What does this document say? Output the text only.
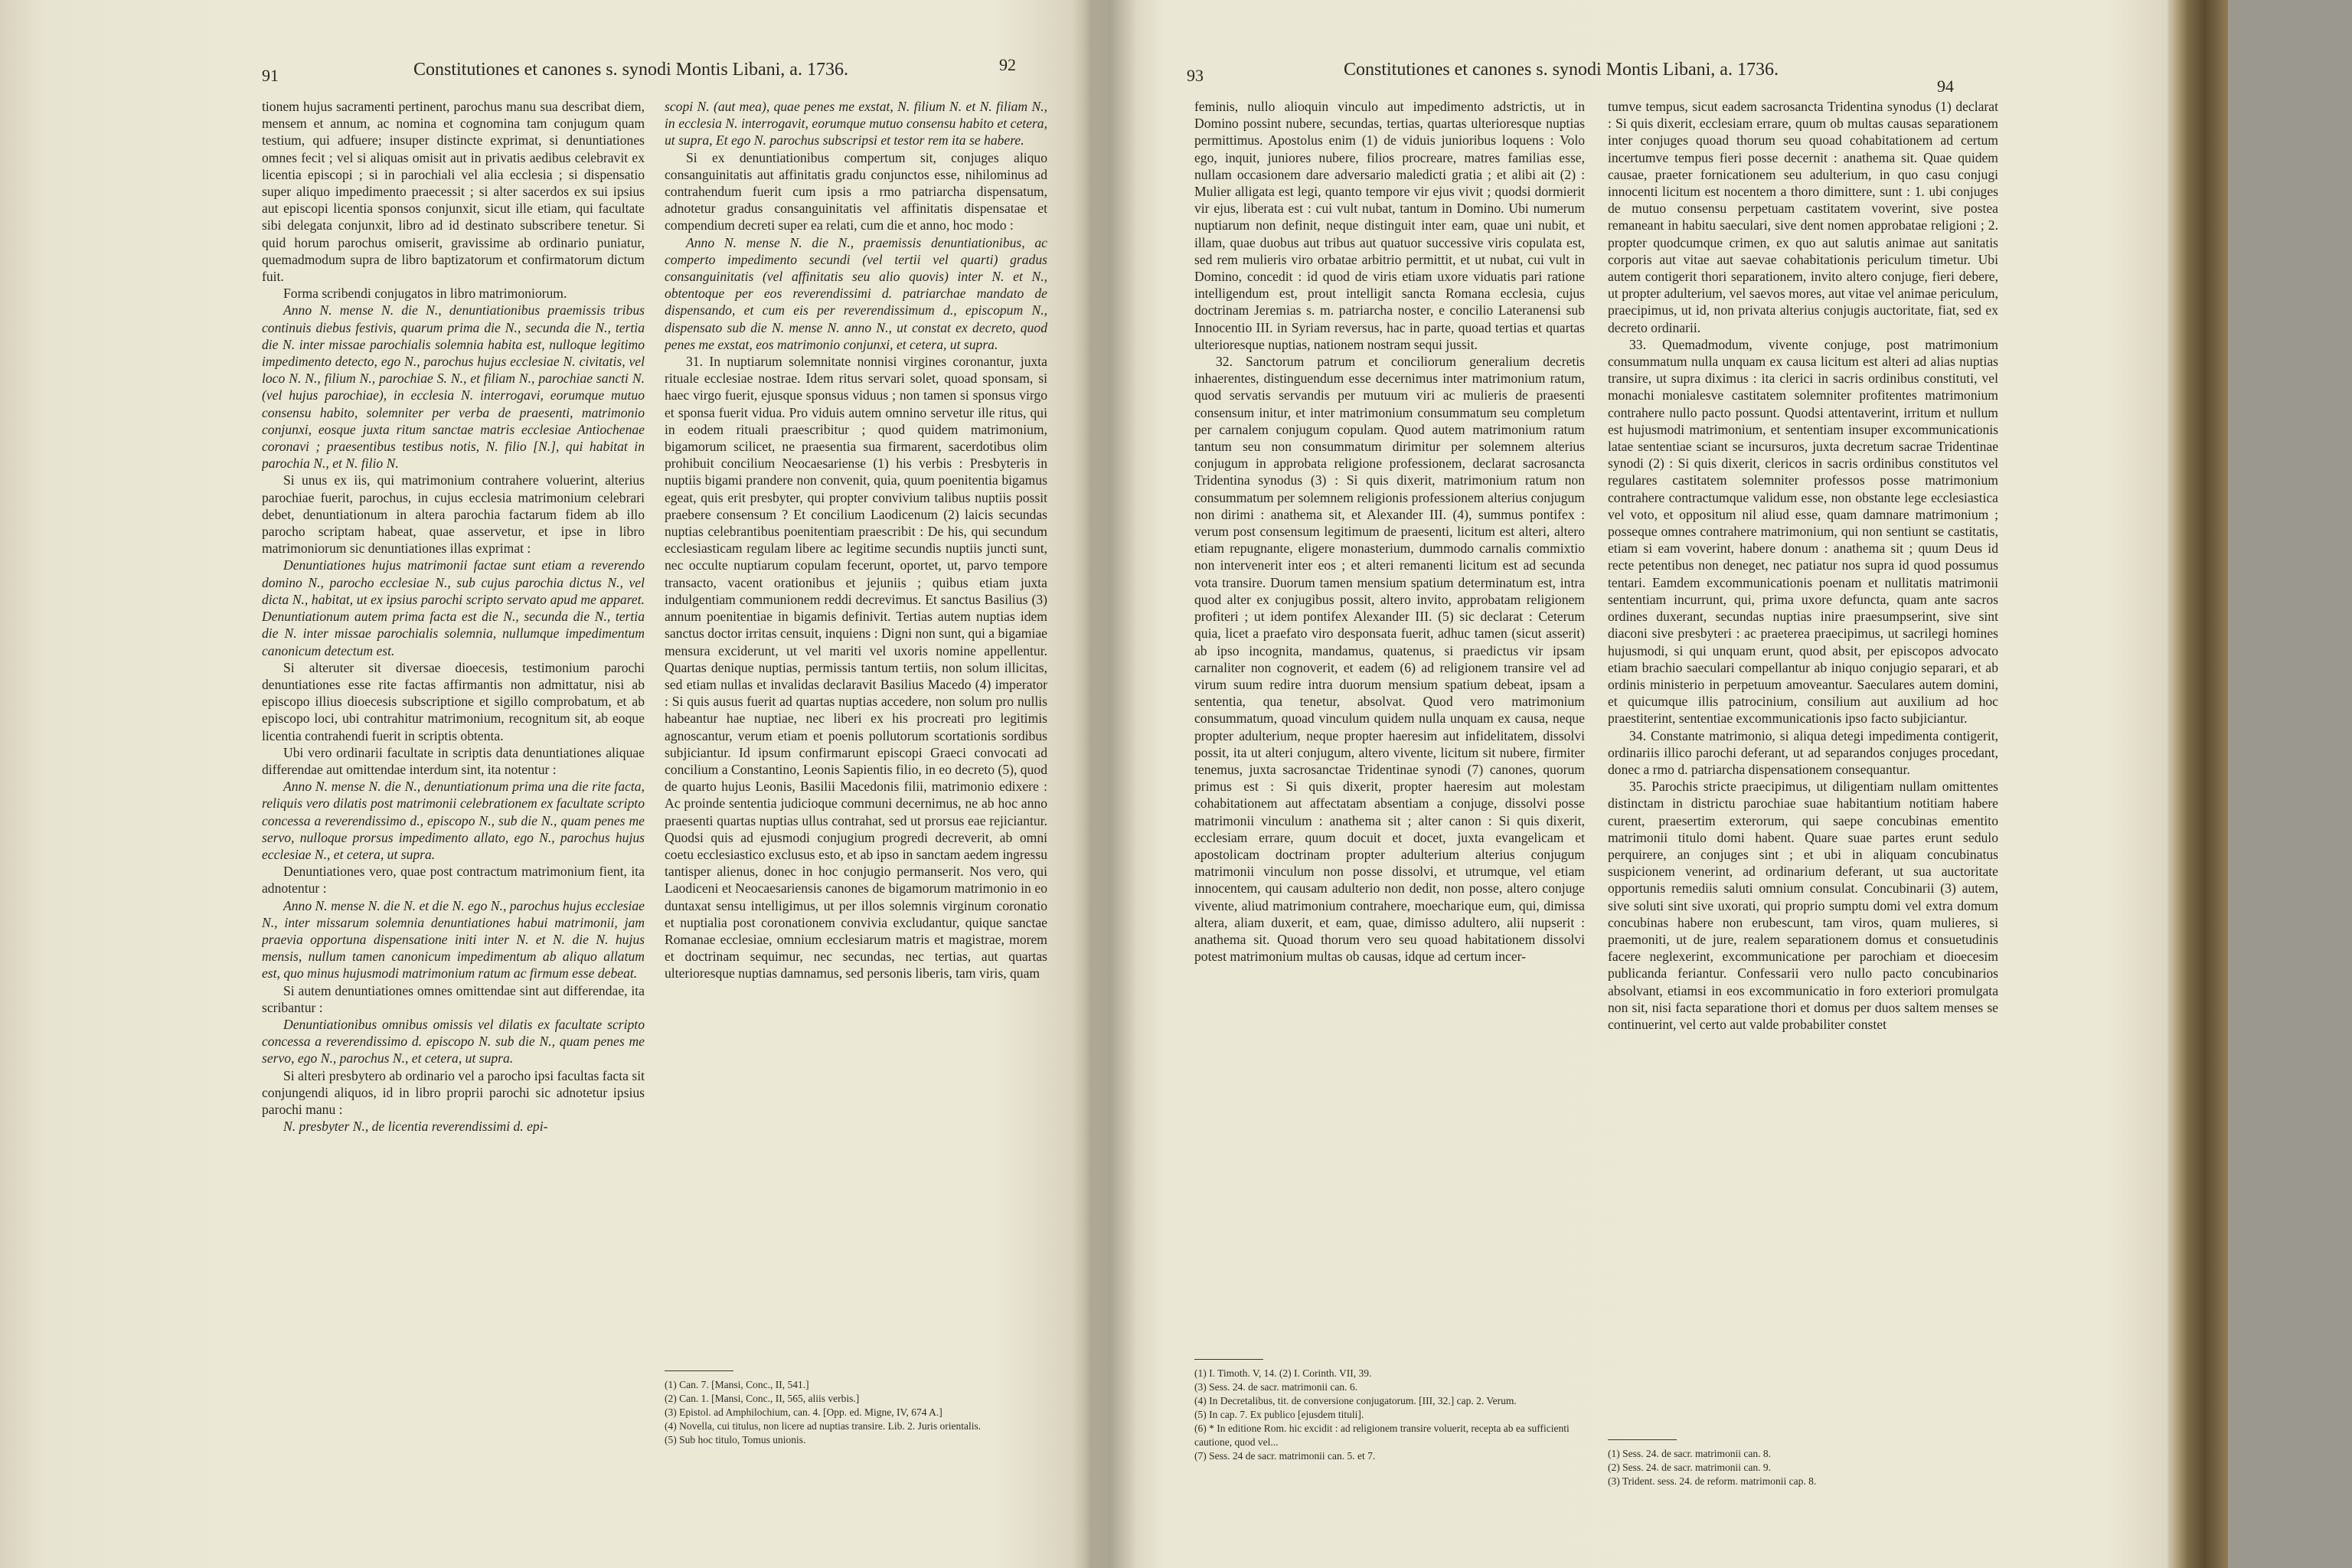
91	Constitutiones et canones s. synodi Montis Libani, a. 1736.	92

tionem hujus sacramenti pertinent, parochus manu sua describat diem, mensem et annum, ac nomina et cognomina tam conjugum quam testium, qui adfuere; insuper distincte exprimat, si denuntiationes omnes fecit ; vel si aliquas omisit aut in privatis aedibus celebravit ex licentia episcopi ; si in parochiali vel alia ecclesia ; si dispensatio super aliquo impedimento praecessit ; si alter sacerdos ex sui ipsius aut episcopi licentia sponsos conjunxit, sicut ille etiam, qui facultate sibi delegata conjunxit, libro ad id destinato subscribere tenetur. Si quid horum parochus omiserit, gravissime ab ordinario puniatur, quemadmodum supra de libro baptizatorum et confirmatorum dictum fuit.

Forma scribendi conjugatos in libro matrimoniorum.

Anno N. mense N. die N., denuntiationibus praemissis tribus continuis diebus festivis, quarum prima die N., secunda die N., tertia die N. inter missae parochialis solemnia habita est, nulloque legitimo impedimento detecto, ego N., parochus hujus ecclesiae N. civitatis, vel loco N. N., filium N., parochiae S. N., et filiam N., parochiae sancti N. (vel hujus parochiae), in ecclesia N. interrogavi, eorumque mutuo consensu habito, solemniter per verba de praesenti, matrimonio conjunxi, eosque juxta ritum sanctae matris ecclesiae Antiochenae coronavi ; praesentibus testibus notis, N. filio [N.], qui habitat in parochia N., et N. filio N.

Si unus ex iis, qui matrimonium contrahere voluerint, alterius parochiae fuerit, parochus, in cujus ecclesia matrimonium celebrari debet, denuntiationum in altera parochia factarum fidem ab illo parocho scriptam habeat, quae asservetur, et ipse in libro matrimoniorum sic denuntiationes illas exprimat :

Denuntiationes hujus matrimonii factae sunt etiam a reverendo domino N., parocho ecclesiae N., sub cujus parochia dictus N., vel dicta N., habitat, ut ex ipsius parochi scripto servato apud me apparet. Denuntiationum autem prima facta est die N., secunda die N., tertia die N. inter missae parochialis solemnia, nullumque impedimentum canonicum detectum est.

Si alteruter sit diversae dioecesis, testimonium parochi denuntiationes esse rite factas affirmantis non admittatur, nisi ab episcopo illius dioecesis subscriptione et sigillo comprobatum, et ab episcopo loci, ubi contrahitur matrimonium, recognitum sit, ab eoque licentia contrahendi fuerit in scriptis obtenta.

Ubi vero ordinarii facultate in scriptis data denuntiationes aliquae differendae aut omittendae interdum sint, ita notentur :

Anno N. mense N. die N., denuntiationum prima una die rite facta, reliquis vero dilatis post matrimonii celebrationem ex facultate scripto concessa a reverendissimo d., episcopo N., sub die N., quam penes me servo, nulloque prorsus impedimento allato, ego N., parochus hujus ecclesiae N., et cetera, ut supra.

Denuntiationes vero, quae post contractum matrimonium fient, ita adnotentur :

Anno N. mense N. die N. et die N. ego N., parochus hujus ecclesiae N., inter missarum solemnia denuntiationes habui matrimonii, jam praevia opportuna dispensatione initi inter N. et N. die N. hujus mensis, nullum tamen canonicum impedimentum ab aliquo allatum est, quo minus hujusmodi matrimonium ratum ac firmum esse debeat.

Si autem denuntiationes omnes omittendae sint aut differendae, ita scribantur :

Denuntiationibus omnibus omissis vel dilatis ex facultate scripto concessa a reverendissimo d. episcopo N. sub die N., quam penes me servo, ego N., parochus N., et cetera, ut supra.

Si alteri presbytero ab ordinario vel a parocho ipsi facultas facta sit conjungendi aliquos, id in libro proprii parochi sic adnotetur ipsius parochi manu :

N. presbyter N., de licentia reverendissimi d. epi-

scopi N. (aut mea), quae penes me exstat, N. filium N. et N. filiam N., in ecclesia N. interrogavit, eorumque mutuo consensu habito et cetera, ut supra, Et ego N. parochus subscripsi et testor rem ita se habere.

Si ex denuntiationibus compertum sit, conjuges aliquo consanguinitatis aut affinitatis gradu conjunctos esse, nihilominus ad contrahendum fuerit cum ipsis a rmo patriarcha dispensatum, adnotetur gradus consanguinitatis vel affinitatis dispensatae et compendium decreti super ea relati, cum die et anno, hoc modo :

Anno N. mense N. die N., praemissis denuntiationibus, ac comperto impedimento secundi (vel tertii vel quarti) gradus consanguinitatis (vel affinitatis seu alio quovis) inter N. et N., obtentoque per eos reverendissimi d. patriarchae mandato de dispensando, et cum eis per reverendissimum d., episcopum N., dispensato sub die N. mense N. anno N., ut constat ex decreto, quod penes me exstat, eos matrimonio conjunxi, et cetera, ut supra.

31. In nuptiarum solemnitate nonnisi virgines coronantur, juxta rituale ecclesiae nostrae. Idem ritus servari solet, quoad sponsam, si haec virgo fuerit, ejusque sponsus viduus ; non tamen si sponsus virgo et sponsa fuerit vidua. Pro viduis autem omnino servetur ille ritus, qui in eodem rituali praescribitur ; quod quidem matrimonium, bigamorum scilicet, ne praesentia sua firmarent, sacerdotibus olim prohibuit concilium Neocaesariense (1) his verbis : Presbyteris in nuptiis bigami prandere non convenit, quia, quum poenitentia bigamus egeat, quis erit presbyter, qui propter convivium talibus nuptiis possit praebere consensum ? Et concilium Laodicenum (2) laicis secundas nuptias celebrantibus poenitentiam praescribit : De his, qui secundum ecclesiasticam regulam libere ac legitime secundis nuptiis juncti sunt, nec occulte nuptiarum copulam fecerunt, oportet, ut, parvo tempore transacto, vacent orationibus et jejuniis ; quibus etiam juxta indulgentiam communionem reddi decrevimus. Et sanctus Basilius (3) annum poenitentiae in bigamis definivit. Tertias autem nuptias idem sanctus doctor irritas censuit, inquiens : Digni non sunt, qui a bigamiae mensura exciderunt, ut vel mariti vel uxoris nomine appellentur. Quartas denique nuptias, permissis tantum tertiis, non solum illicitas, sed etiam nullas et invalidas declaravit Basilius Macedo (4) imperator : Si quis ausus fuerit ad quartas nuptias accedere, non solum pro nullis habeantur hae nuptiae, nec liberi ex his procreati pro legitimis agnoscantur, verum etiam et poenis pollutorum scortationis sordibus subjiciantur. Id ipsum confirmarunt episcopi Graeci convocati ad concilium a Constantino, Leonis Sapientis filio, in eo decreto (5), quod de quarto hujus Leonis, Basilii Macedonis filii, matrimonio edixere : Ac proinde sententia judicioque communi decernimus, ne ab hoc anno praesenti quartas nuptias ullus contrahat, sed ut prorsus eae rejiciantur. Quodsi quis ad ejusmodi conjugium progredi decreverit, ab omni coetu ecclesiastico exclusus esto, et ab ipso in sanctam aedem ingressu tantisper alienus, donec in hoc conjugio permanserit. Nos vero, qui Laodiceni et Neocaesariensis canones de bigamorum matrimonio in eo duntaxat sensu intelligimus, ut per illos solemnis virginum coronatio et nuptialia post coronationem convivia excludantur, quique sanctae Romanae ecclesiae, omnium ecclesiarum matris et magistrae, morem et doctrinam sequimur, nec secundas, nec tertias, aut quartas ulterioresque nuptias damnamus, sed personis liberis, tam viris, quam

(1) Can. 7. [Mansi, Conc., II, 541.]
(2) Can. 1. [Mansi, Conc., II, 565, aliis verbis.]
(3) Epistol. ad Amphilochium, can. 4. [Opp. ed. Migne, IV, 674 A.]
(4) Novella, cui titulus, non licere ad nuptias transire. Lib. 2. Juris orientalis.
(5) Sub hoc titulo, Tomus unionis.
93	Constitutiones et canones s. synodi Montis Libani, a. 1736.
94

feminis, nullo alioquin vinculo aut impedimento adstrictis, ut in Domino possint nubere, secundas, tertias, quartas ulterioresque nuptias permittimus. Apostolus enim (1) de viduis junioribus loquens : Volo ego, inquit, juniores nubere, filios procreare, matres familias esse, nullam occasionem dare adversario maledicti gratia ; et alibi ait (2) : Mulier alligata est legi, quanto tempore vir ejus vivit ; quodsi dormierit vir ejus, liberata est : cui vult nubat, tantum in Domino. Ubi numerum nuptiarum non definit, neque distinguit inter eam, quae uni nubit, et illam, quae duobus aut tribus aut quatuor successive viris copulata est, sed rem mulieris viro orbatae arbitrio permittit, et ut nubat, cui vult in Domino, concedit : id quod de viris etiam uxore viduatis pari ratione intelligendum est, prout intelligit sancta Romana ecclesia, cujus doctrinam Jeremias s. m. patriarcha noster, e concilio Lateranensi sub Innocentio III. in Syriam reversus, hac in parte, quoad tertias et quartas ulterioresque nuptias, nationem nostram sequi jussit.

32. Sanctorum patrum et conciliorum generalium decretis inhaerentes, distinguendum esse decernimus inter matrimonium ratum, quod servatis servandis per mutuum viri ac mulieris de praesenti consensum initur, et inter matrimonium consummatum seu completum per carnalem conjugum copulam. Quod autem matrimonium ratum tantum seu non consummatum dirimitur per solemnem alterius conjugum in approbata religione professionem, declarat sacrosancta Tridentina synodus (3) : Si quis dixerit, matrimonium ratum non consummatum per solemnem religionis professionem alterius conjugum non dirimi : anathema sit, et Alexander III. (4), summus pontifex : verum post consensum legitimum de praesenti, licitum est alteri, altero etiam repugnante, eligere monasterium, dummodo carnalis commixtio non intervenerit inter eos ; et alteri remanenti licitum est ad secunda vota transire. Duorum tamen mensium spatium determinatum est, intra quod alter ex conjugibus possit, altero invito, approbatam religionem profiteri ; ut idem pontifex Alexander III. (5) sic declarat : Ceterum quia, licet a praefato viro desponsata fuerit, adhuc tamen (sicut asserit) ab ipso incognita, mandamus, quatenus, si praedictus vir ipsam carnaliter non cognoverit, et eadem (6) ad religionem transire vel ad virum suum redire intra duorum mensium spatium debeat, ipsam a sententia, qua tenetur, absolvat. Quod vero matrimonium consummatum, quoad vinculum quidem nulla unquam ex causa, neque propter adulterium, neque propter haeresim aut infidelitatem, dissolvi possit, ita ut alteri conjugum, altero vivente, licitum sit nubere, firmiter tenemus, juxta sacrosanctae Tridentinae synodi (7) canones, quorum primus est : Si quis dixerit, propter haeresim aut molestam cohabitationem aut affectatam absentiam a conjuge, dissolvi posse matrimonii vinculum : anathema sit ; alter canon : Si quis dixerit, ecclesiam errare, quum docuit et docet, juxta evangelicam et apostolicam doctrinam propter adulterium alterius conjugum matrimonii vinculum non posse dissolvi, et utrumque, vel etiam innocentem, qui causam adulterio non dedit, non posse, altero conjuge vivente, aliud matrimonium contrahere, moecharique eum, qui, dimissa altera, aliam duxerit, et eam, quae, dimisso adultero, alii nupserit : anathema sit. Quoad thorum vero seu quoad habitationem dissolvi potest matrimonium multas ob causas, idque ad certum incer-

tumve tempus, sicut eadem sacrosancta Tridentina synodus (1) declarat : Si quis dixerit, ecclesiam errare, quum ob multas causas separationem inter conjuges quoad thorum seu quoad cohabitationem ad certum incertumve tempus fieri posse decernit : anathema sit. Quae quidem causae, praeter fornicationem seu adulterium, in quo casu conjugi innocenti licitum est nocentem a thoro dimittere, sunt : 1. ubi conjuges de mutuo consensu perpetuam castitatem voverint, sive postea remaneant in habitu saeculari, sive dent nomen approbatae religioni ; 2. propter quodcumque crimen, ex quo aut salutis animae aut sanitatis corporis aut vitae aut saevae cohabitationis periculum timetur. Ubi autem contigerit thori separationem, invito altero conjuge, fieri debere, ut propter adulterium, vel saevos mores, aut vitae vel animae periculum, praecipimus, ut id, non privata alterius conjugis auctoritate, fiat, sed ex decreto ordinarii.

33. Quemadmodum, vivente conjuge, post matrimonium consummatum nulla unquam ex causa licitum est alteri ad alias nuptias transire, ut supra diximus : ita clerici in sacris ordinibus constituti, vel monachi monialesve castitatem solemniter profitentes matrimonium contrahere nullo pacto possunt. Quodsi attentaverint, irritum et nullum est hujusmodi matrimonium, et sententiam insuper excommunicationis latae sententiae sciant se incursuros, juxta decretum sacrae Tridentinae synodi (2) : Si quis dixerit, clericos in sacris ordinibus constitutos vel regulares castitatem solemniter professos posse matrimonium contrahere contractumque validum esse, non obstante lege ecclesiastica vel voto, et oppositum nil aliud esse, quam damnare matrimonium ; posseque omnes contrahere matrimonium, qui non sentiunt se castitatis, etiam si eam voverint, habere donum : anathema sit ; quum Deus id recte petentibus non deneget, nec patiatur nos supra id quod possumus tentari. Eamdem excommunicationis poenam et nullitatis matrimonii sententiam incurrunt, qui, prima uxore defuncta, quam ante sacros ordines duxerant, secundas nuptias inire praesumpserint, sive sint diaconi sive presbyteri : ac praeterea praecipimus, ut sacrilegi homines hujusmodi, si qui unquam erunt, quod absit, per episcopos advocato etiam brachio saeculari compellantur ab iniquo conjugio separari, et ab ordinis ministerio in perpetuum amoveantur. Saeculares autem domini, et quicumque illis patrocinium, consilium aut auxilium ad hoc praestiterint, sententiae excommunicationis ipso facto subjiciantur.

34. Constante matrimonio, si aliqua detegi impedimenta contigerit, ordinariis illico parochi deferant, ut ad separandos conjuges procedant, donec a rmo d. patriarcha dispensationem consequantur.

35. Parochis stricte praecipimus, ut diligentiam nullam omittentes distinctam in districtu parochiae suae habitantium notitiam habere curent, praesertim exterorum, qui saepe concubinas ementito matrimonii titulo domi habent. Quare suae partes erunt sedulo perquirere, an conjuges sint ; et ubi in aliquam concubinatus suspicionem venerint, ad ordinarium deferant, ut sua auctoritate opportunis remediis saluti omnium consulat. Concubinarii (3) autem, sive soluti sint sive uxorati, qui proprio sumptu domi vel extra domum concubinas habere non erubescunt, tam viros, quam mulieres, si praemoniti, ut de jure, realem separationem domus et consuetudinis facere neglexerint, excommunicatione per parochiam et dioecesim publicanda feriantur. Confessarii vero nullo pacto concubinarios absolvant, etiamsi in eos excommunicatio in foro exteriori promulgata non sit, nisi facta separatione thori et domus per duos saltem menses se continuerint, vel certo aut valde probabiliter constet

(1) I. Timoth. V, 14. (2) I. Corinth. VII, 39.
(3) Sess. 24. de sacr. matrimonii can. 6.
(4) In Decretalibus, tit. de conversione conjugatorum. [III, 32.] cap. 2. Verum.
(5) In cap. 7. Ex publico [ejusdem tituli].
(6) * In editione Rom. hic excidit : ad religionem transire voluerit, recepta ab ea sufficienti cautione, quod vel...
(7) Sess. 24 de sacr. matrimonii can. 5. et 7.	(1) Sess. 24. de sacr. matrimonii can. 8.
(2) Sess. 24. de sacr. matrimonii can. 9.
(3) Trident. sess. 24. de reform. matrimonii cap. 8.
